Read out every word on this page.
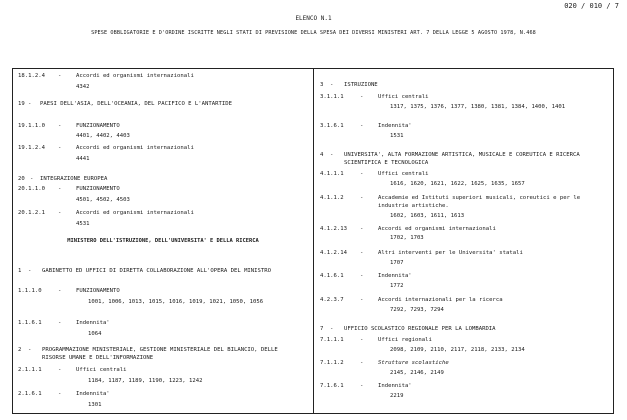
020 / 010 / 7
ELENCO N.1
SPESE OBBLIGATORIE E D'ORDINE ISCRITTE NEGLI STATI DI PREVISIONE DELLA SPESA DEI DIVERSI MINISTERI ART. 7 DELLA LEGGE 5 AGOSTO 1978, N.468
18.1.2.4 -	Accordi ed organismi internazionali
4342
19 - PAESI DELL'ASIA, DELL'OCEANIA, DEL PACIFICO E L'ANTARTIDE
19.1.1.0 -	FUNZIONAMENTO
4401, 4402, 4403
19.1.2.4 -	Accordi ed organismi internazionali
4441
20 - INTEGRAZIONE EUROPEA
20.1.1.0 -	FUNZIONAMENTO
4501, 4502, 4503
20.1.2.1 -	Accordi ed organismi internazionali
4531
MINISTERO DELL'ISTRUZIONE, DELL'UNIVERSITA' E DELLA RICERCA
1 - GABINETTO ED UFFICI DI DIRETTA COLLABORAZIONE ALL'OPERA DEL MINISTRO
1.1.1.0	-	FUNZIONAMENTO
1001, 1006, 1013, 1015, 1016, 1019, 1021, 1050, 1056
1.1.6.1	-	Indennita'
1064
2 - PROGRAMMAZIONE MINISTERIALE, GESTIONE MINISTERIALE DEL BILANCIO, DELLE RISORSE UMANE E DELL'INFORMAZIONE
2.1.1.1	-	Uffici centrali
1184, 1187, 1189, 1190, 1223, 1242
2.1.6.1	-	Indennita'
1301
3 - ISTRUZIONE
3.1.1.1	-	Uffici centrali
1317, 1375, 1376, 1377, 1380, 1381, 1384, 1400, 1401
3.1.6.1	-	Indennita'
1531
4 - UNIVERSITA', ALTA FORMAZIONE ARTISTICA, MUSICALE E COREUTICA E RICERCA SCIENTIFICA E TECNOLOGICA
4.1.1.1	-	Uffici centrali
1616, 1620, 1621, 1622, 1625, 1635, 1657
4.1.1.2	-	Accademie ed Istituti superiori musicali, coreutici e per le industrie artistiche.
1602, 1603, 1611, 1613
4.1.2.13 -	Accordi ed organismi internazionali
1702, 1703
4.1.2.14 -	Altri interventi per le Universita' statali
1707
4.1.6.1	-	Indennita'
1772
4.2.3.7	-	Accordi internazionali per la ricerca
7292, 7293, 7294
7 - UFFICIO SCOLASTICO REGIONALE PER LA LOMBARDIA
7.1.1.1	-	Uffici regionali
2098, 2109, 2110, 2117, 2118, 2133, 2134
7.1.1.2	-	Strutture scolastiche
2145, 2146, 2149
7.1.6.1	-	Indennita'
2219
